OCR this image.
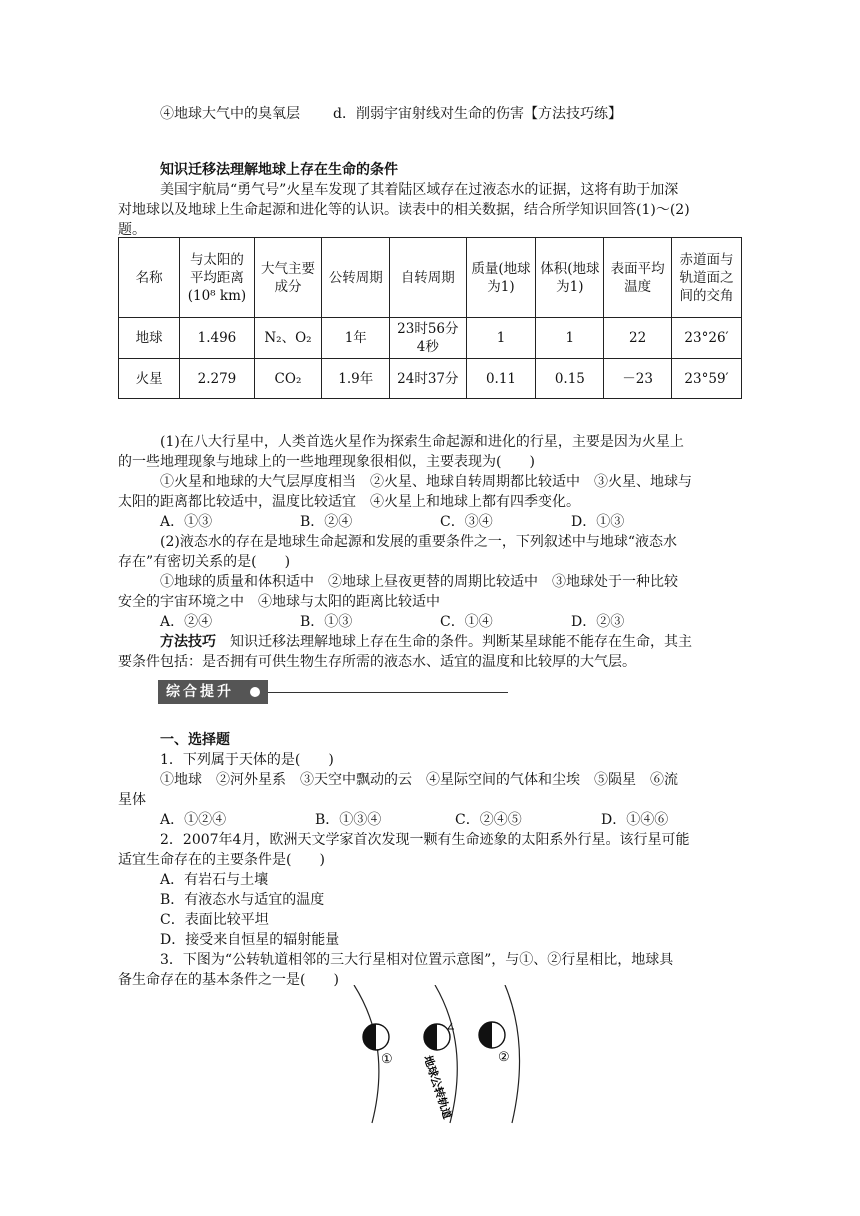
④地球大气中的臭氧层 d．削弱宇宙射线对生命的伤害【方法技巧练】
知识迁移法理解地球上存在生命的条件
美国宇航局“勇气号”火星车发现了其着陆区域存在过液态水的证据，这将有助于加深
对地球以及地球上生命起源和进化等的认识。读表中的相关数据，结合所学知识回答(1)～(2)
题。
名称	与太阳的平均距离(10⁸ km)	大气主要成分	公转周期	自转周期	质量(地球为1)	体积(地球为1)	表面平均温度	赤道面与轨道面之间的交角
地球	1.496	N₂、O₂	1年	23时56分4秒	1	1	22	23°26′
火星	2.279	CO₂	1.9年	24时37分	0.11	0.15	－23	23°59′
(1)在八大行星中，人类首选火星作为探索生命起源和进化的行星，主要是因为火星上
的一些地理现象与地球上的一些地理现象很相似，主要表现为(　　)
①火星和地球的大气层厚度相当　②火星、地球自转周期都比较适中　③火星、地球与
太阳的距离都比较适中，温度比较适宜　④火星上和地球上都有四季变化。
A．①③	B．②④	C．③④	D．①③
(2)液态水的存在是地球生命起源和发展的重要条件之一，下列叙述中与地球“液态水
存在”有密切关系的是(　　)
①地球的质量和体积适中　②地球上昼夜更替的周期比较适中　③地球处于一种比较
安全的宇宙环境之中　④地球与太阳的距离比较适中
A．②④	B．①③	C．①④	D．②③
方法技巧　知识迁移法理解地球上存在生命的条件。判断某星球能不能存在生命，其主
要条件包括：是否拥有可供生物生存所需的液态水、适宜的温度和比较厚的大气层。
综合提升
一、选择题
1．下列属于天体的是(　　)
①地球　②河外星系　③天空中飘动的云　④星际空间的气体和尘埃　⑤陨星　⑥流
星体
A．①②④	B．①③④	C．②④⑤	D．①④⑥
2．2007年4月，欧洲天文学家首次发现一颗有生命迹象的太阳系外行星。该行星可能
适宜生命存在的主要条件是(　　)
A．有岩石与土壤
B．有液态水与适宜的温度
C．表面比较平坦
D．接受来自恒星的辐射能量
3．下图为“公转轨道相邻的三大行星相对位置示意图”，与①、②行星相比，地球具
备生命存在的基本条件之一是(　　)
①	②
地球公转轨道
